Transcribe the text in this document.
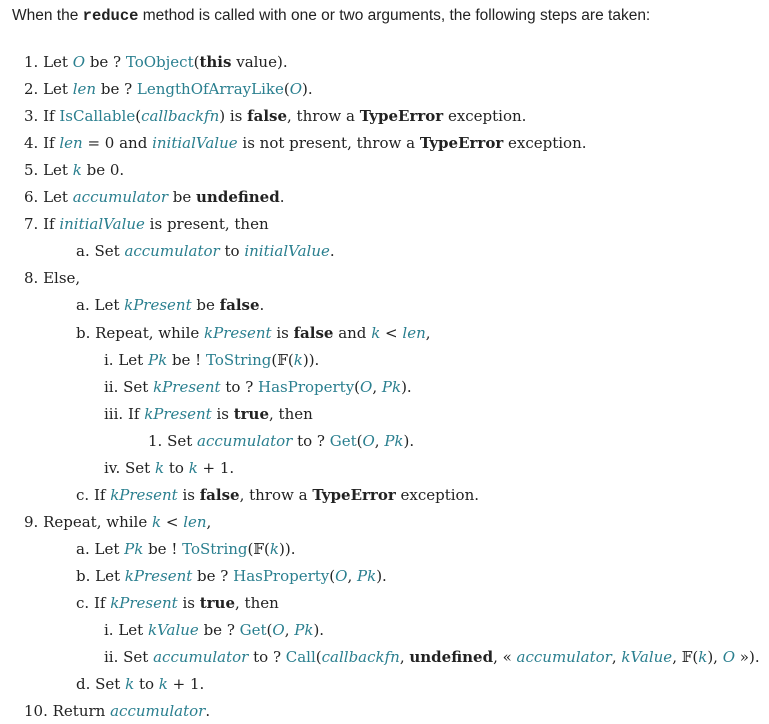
When the reduce method is called with one or two arguments, the following steps are taken:
1. Let O be ? ToObject(this value).
2. Let len be ? LengthOfArrayLike(O).
3. If IsCallable(callbackfn) is false, throw a TypeError exception.
4. If len = 0 and initialValue is not present, throw a TypeError exception.
5. Let k be 0.
6. Let accumulator be undefined.
7. If initialValue is present, then
a. Set accumulator to initialValue.
8. Else,
a. Let kPresent be false.
b. Repeat, while kPresent is false and k < len,
i. Let Pk be ! ToString(𝔽(k)).
ii. Set kPresent to ? HasProperty(O, Pk).
iii. If kPresent is true, then
1. Set accumulator to ? Get(O, Pk).
iv. Set k to k + 1.
c. If kPresent is false, throw a TypeError exception.
9. Repeat, while k < len,
a. Let Pk be ! ToString(𝔽(k)).
b. Let kPresent be ? HasProperty(O, Pk).
c. If kPresent is true, then
i. Let kValue be ? Get(O, Pk).
ii. Set accumulator to ? Call(callbackfn, undefined, « accumulator, kValue, 𝔽(k), O »).
d. Set k to k + 1.
10. Return accumulator.
